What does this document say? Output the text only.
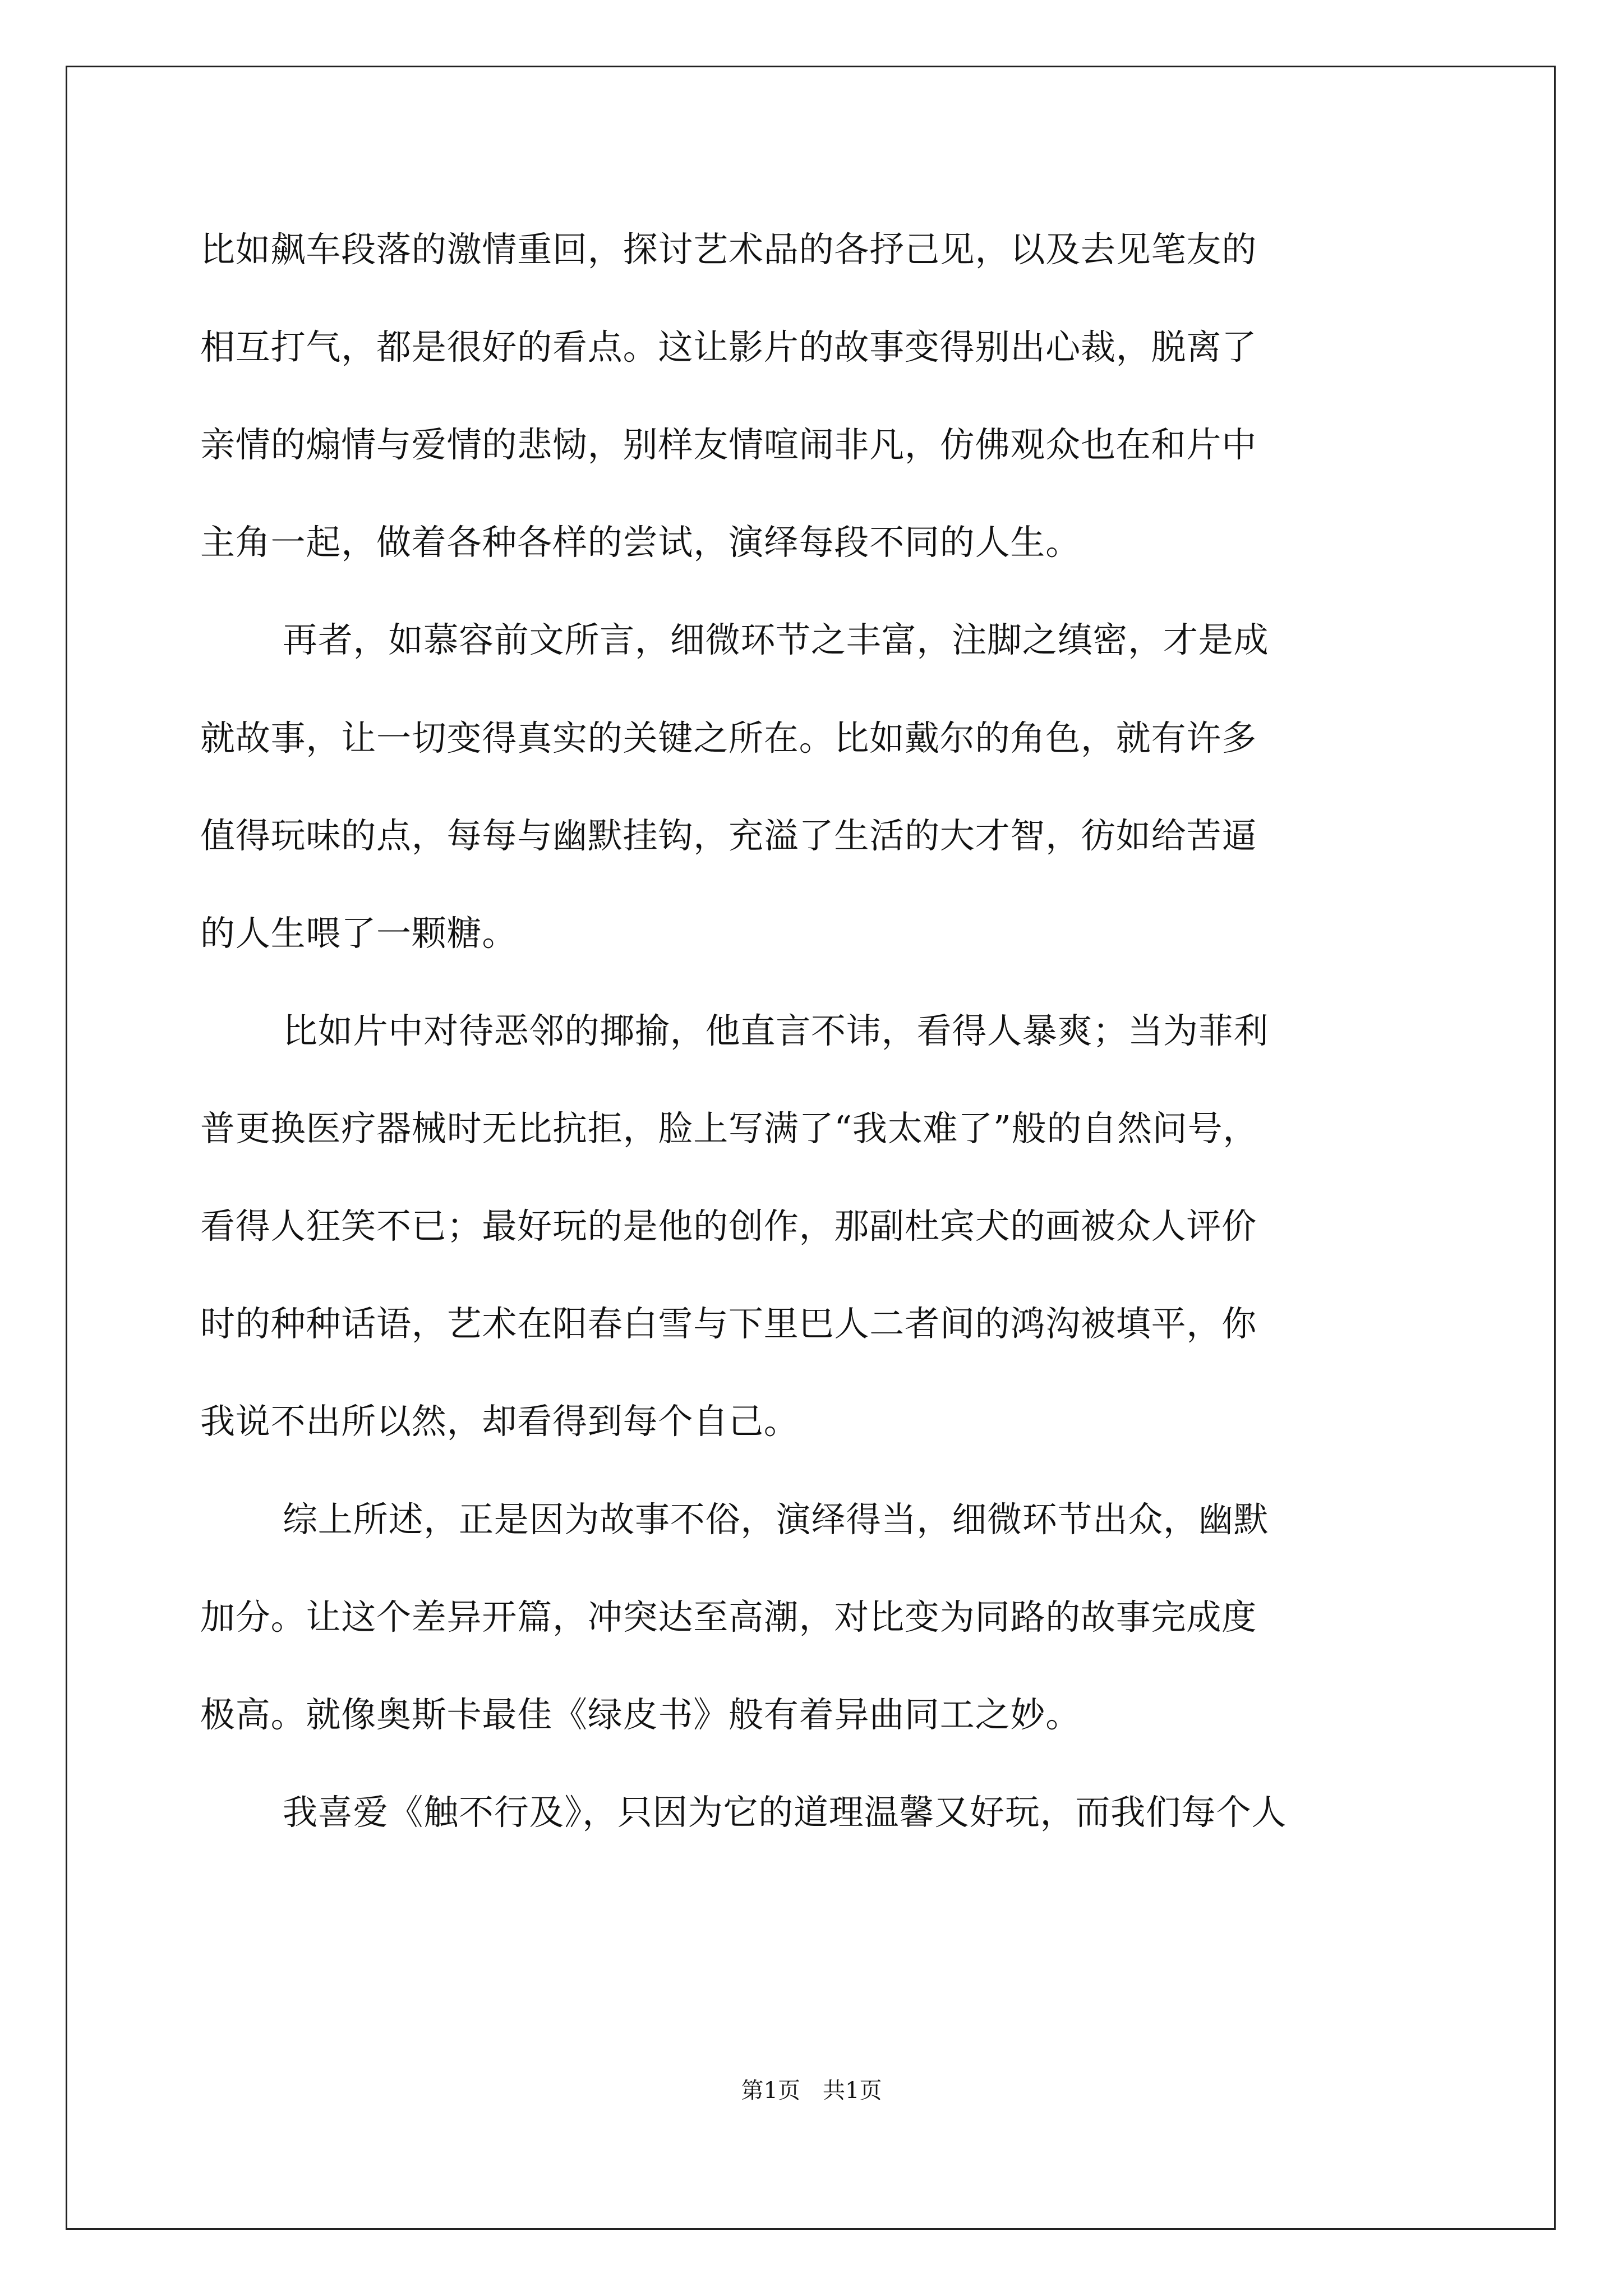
比如飙车段落的激情重回，探讨艺术品的各抒己见，以及去见笔友的
相互打气，都是很好的看点。这让影片的故事变得别出心裁，脱离了
亲情的煽情与爱情的悲恸，别样友情喧闹非凡，仿佛观众也在和片中
主角一起，做着各种各样的尝试，演绎每段不同的人生。
再者，如慕容前文所言，细微环节之丰富，注脚之缜密，才是成
就故事，让一切变得真实的关键之所在。比如戴尔的角色，就有许多
值得玩味的点，每每与幽默挂钩，充溢了生活的大才智，彷如给苦逼
的人生喂了一颗糖。
比如片中对待恶邻的揶揄，他直言不讳，看得人暴爽；当为菲利
普更换医疗器械时无比抗拒，脸上写满了“我太难了”般的自然问号，
看得人狂笑不已；最好玩的是他的创作，那副杜宾犬的画被众人评价
时的种种话语，艺术在阳春白雪与下里巴人二者间的鸿沟被填平，你
我说不出所以然，却看得到每个自己。
综上所述，正是因为故事不俗，演绎得当，细微环节出众，幽默
加分。让这个差异开篇，冲突达至高潮，对比变为同路的故事完成度
极高。就像奥斯卡最佳《绿皮书》般有着异曲同工之妙。
我喜爱《触不行及》，只因为它的道理温馨又好玩，而我们每个人
第1页 共1页
